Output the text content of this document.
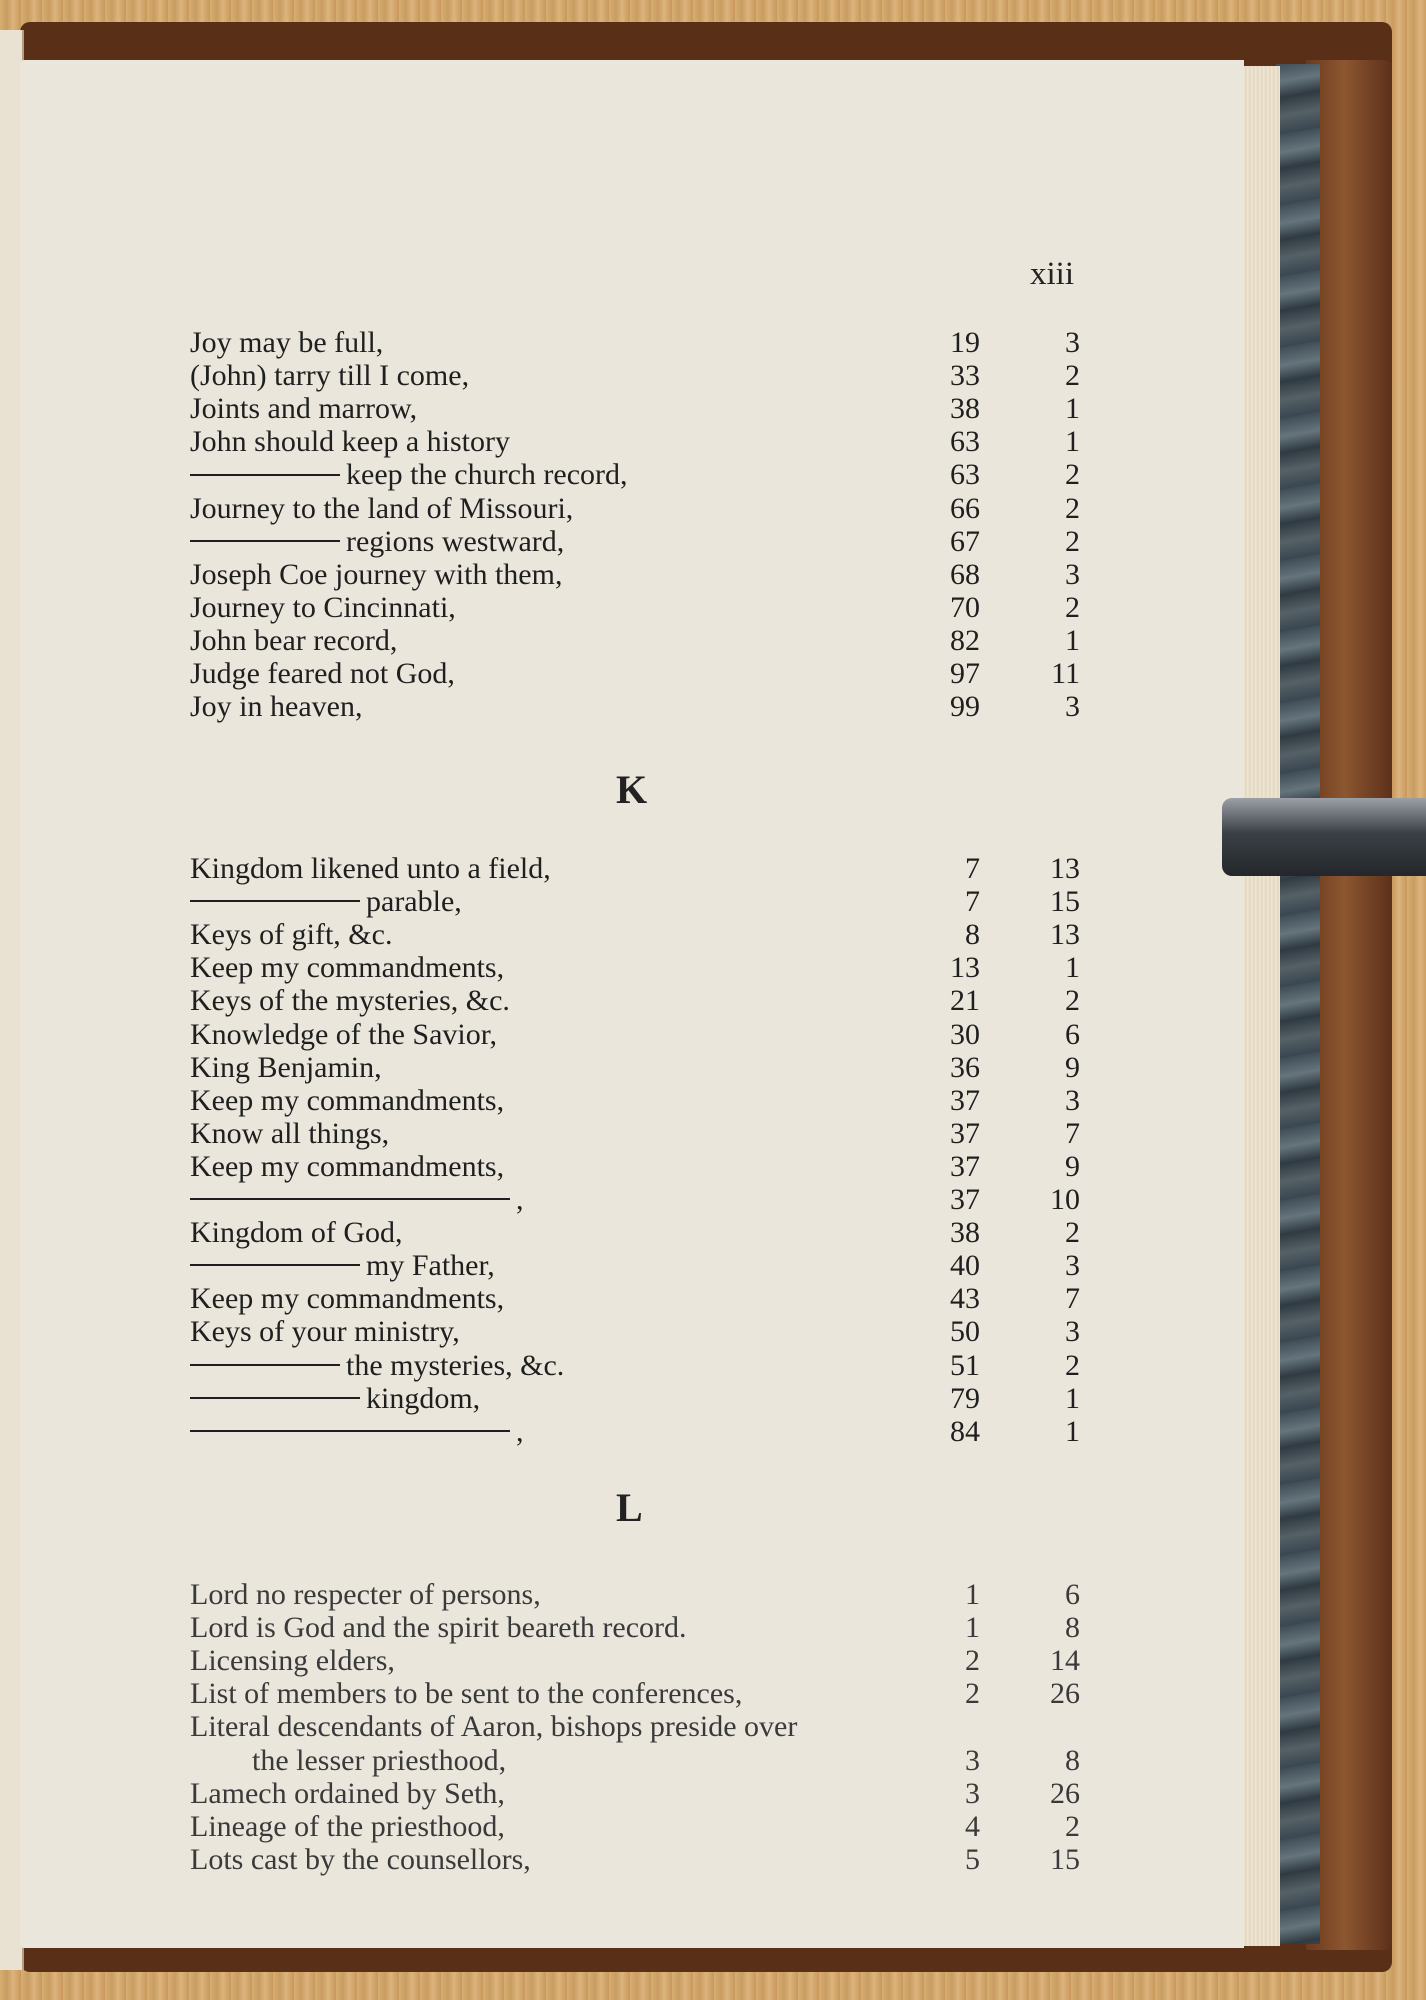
xiii
Joy may be full,	19	3
(John) tarry till I come,	33	2
Joints and marrow,	38	1
John should keep a history	63	1
keep the church record,	63	2
Journey to the land of Missouri,	66	2
regions westward,	67	2
Joseph Coe journey with them,	68	3
Journey to Cincinnati,	70	2
John bear record,	82	1
Judge feared not God,	97	11
Joy in heaven,	99	3
K
Kingdom likened unto a field,	7	13
parable,	7	15
Keys of gift, &c.	8	13
Keep my commandments,	13	1
Keys of the mysteries, &c.	21	2
Knowledge of the Savior,	30	6
King Benjamin,	36	9
Keep my commandments,	37	3
Know all things,	37	7
Keep my commandments,	37	9
,	37	10
Kingdom of God,	38	2
my Father,	40	3
Keep my commandments,	43	7
Keys of your ministry,	50	3
the mysteries, &c.	51	2
kingdom,	79	1
,	84	1
L
Lord no respecter of persons,	1	6
Lord is God and the spirit beareth record.	1	8
Licensing elders,	2	14
List of members to be sent to the conferences,	2	26
Literal descendants of Aaron, bishops preside over
the lesser priesthood,	3	8
Lamech ordained by Seth,	3	26
Lineage of the priesthood,	4	2
Lots cast by the counsellors,	5	15
